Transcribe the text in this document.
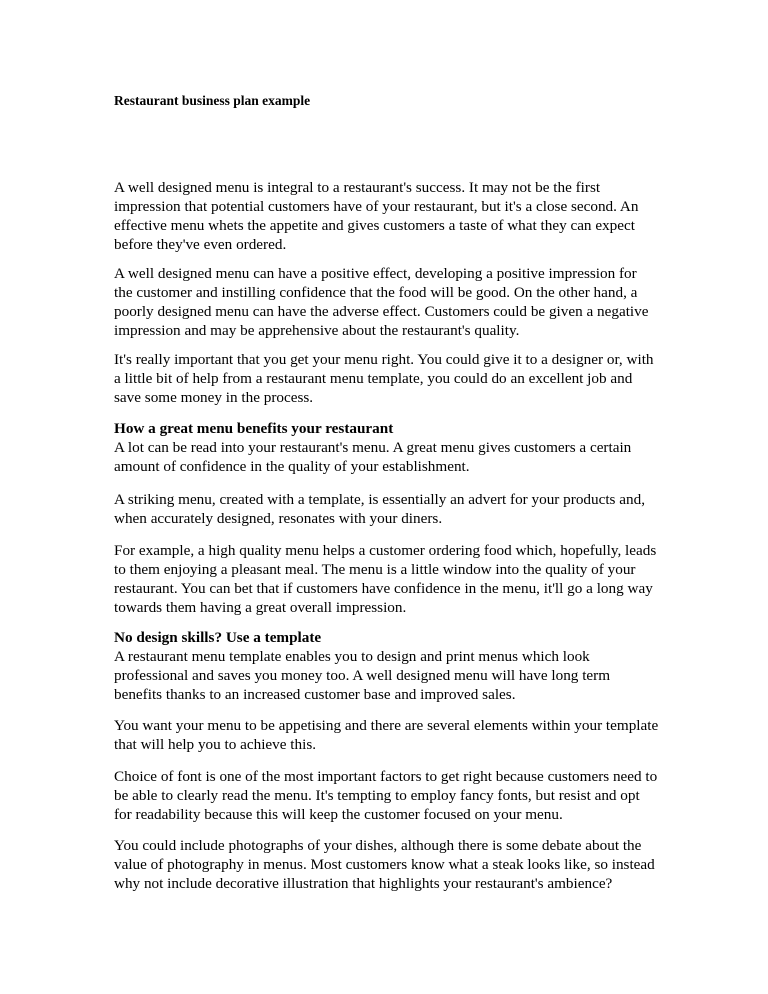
Restaurant business plan example

A well designed menu is integral to a restaurant's success. It may not be the first impression that potential customers have of your restaurant, but it's a close second. An effective menu whets the appetite and gives customers a taste of what they can expect before they've even ordered.

A well designed menu can have a positive effect, developing a positive impression for the customer and instilling confidence that the food will be good. On the other hand, a poorly designed menu can have the adverse effect. Customers could be given a negative impression and may be apprehensive about the restaurant's quality.

It's really important that you get your menu right. You could give it to a designer or, with a little bit of help from a restaurant menu template, you could do an excellent job and save some money in the process.

How a great menu benefits your restaurant
A lot can be read into your restaurant's menu. A great menu gives customers a certain amount of confidence in the quality of your establishment.

A striking menu, created with a template, is essentially an advert for your products and, when accurately designed, resonates with your diners.

For example, a high quality menu helps a customer ordering food which, hopefully, leads to them enjoying a pleasant meal. The menu is a little window into the quality of your restaurant. You can bet that if customers have confidence in the menu, it'll go a long way towards them having a great overall impression.

No design skills? Use a template
A restaurant menu template enables you to design and print menus which look professional and saves you money too. A well designed menu will have long term benefits thanks to an increased customer base and improved sales.

You want your menu to be appetising and there are several elements within your template that will help you to achieve this.

Choice of font is one of the most important factors to get right because customers need to be able to clearly read the menu. It's tempting to employ fancy fonts, but resist and opt for readability because this will keep the customer focused on your menu.

You could include photographs of your dishes, although there is some debate about the value of photography in menus. Most customers know what a steak looks like, so instead why not include decorative illustration that highlights your restaurant's ambience?
